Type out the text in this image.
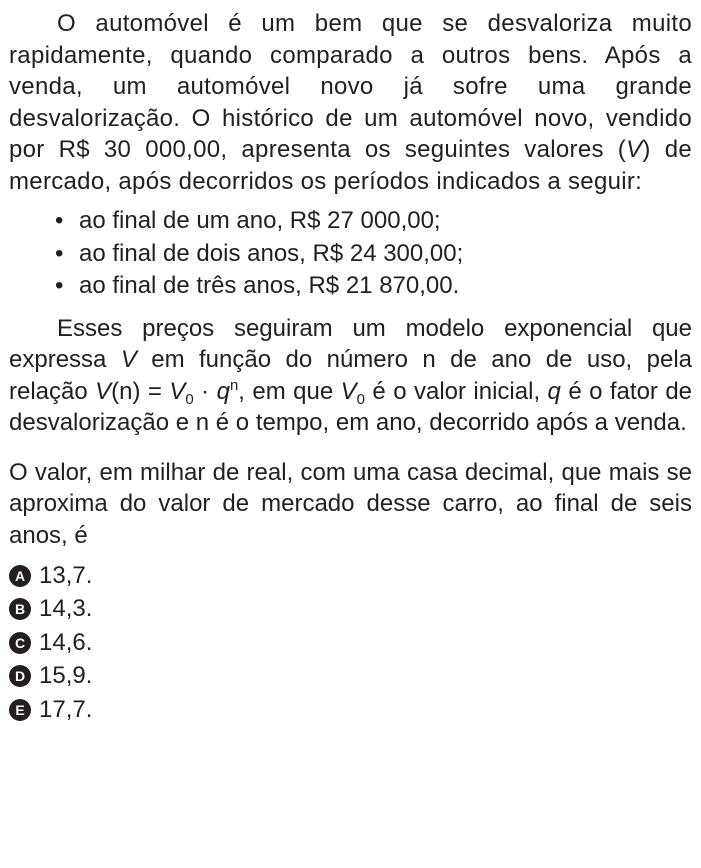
O automóvel é um bem que se desvaloriza muito rapidamente, quando comparado a outros bens. Após a venda, um automóvel novo já sofre uma grande desvalorização. O histórico de um automóvel novo, vendido por R$ 30 000,00, apresenta os seguintes valores (V) de mercado, após decorridos os períodos indicados a seguir:

• ao final de um ano, R$ 27 000,00;
• ao final de dois anos, R$ 24 300,00;
• ao final de três anos, R$ 21 870,00.

Esses preços seguiram um modelo exponencial que expressa V em função do número n de ano de uso, pela relação $V(n) = V_0 \cdot q^n$, em que $V_0$ é o valor inicial, q é o fator de desvalorização e n é o tempo, em ano, decorrido após a venda.

O valor, em milhar de real, com uma casa decimal, que mais se aproxima do valor de mercado desse carro, ao final de seis anos, é

A 13,7.
B 14,3.
C 14,6.
D 15,9.
E 17,7.
